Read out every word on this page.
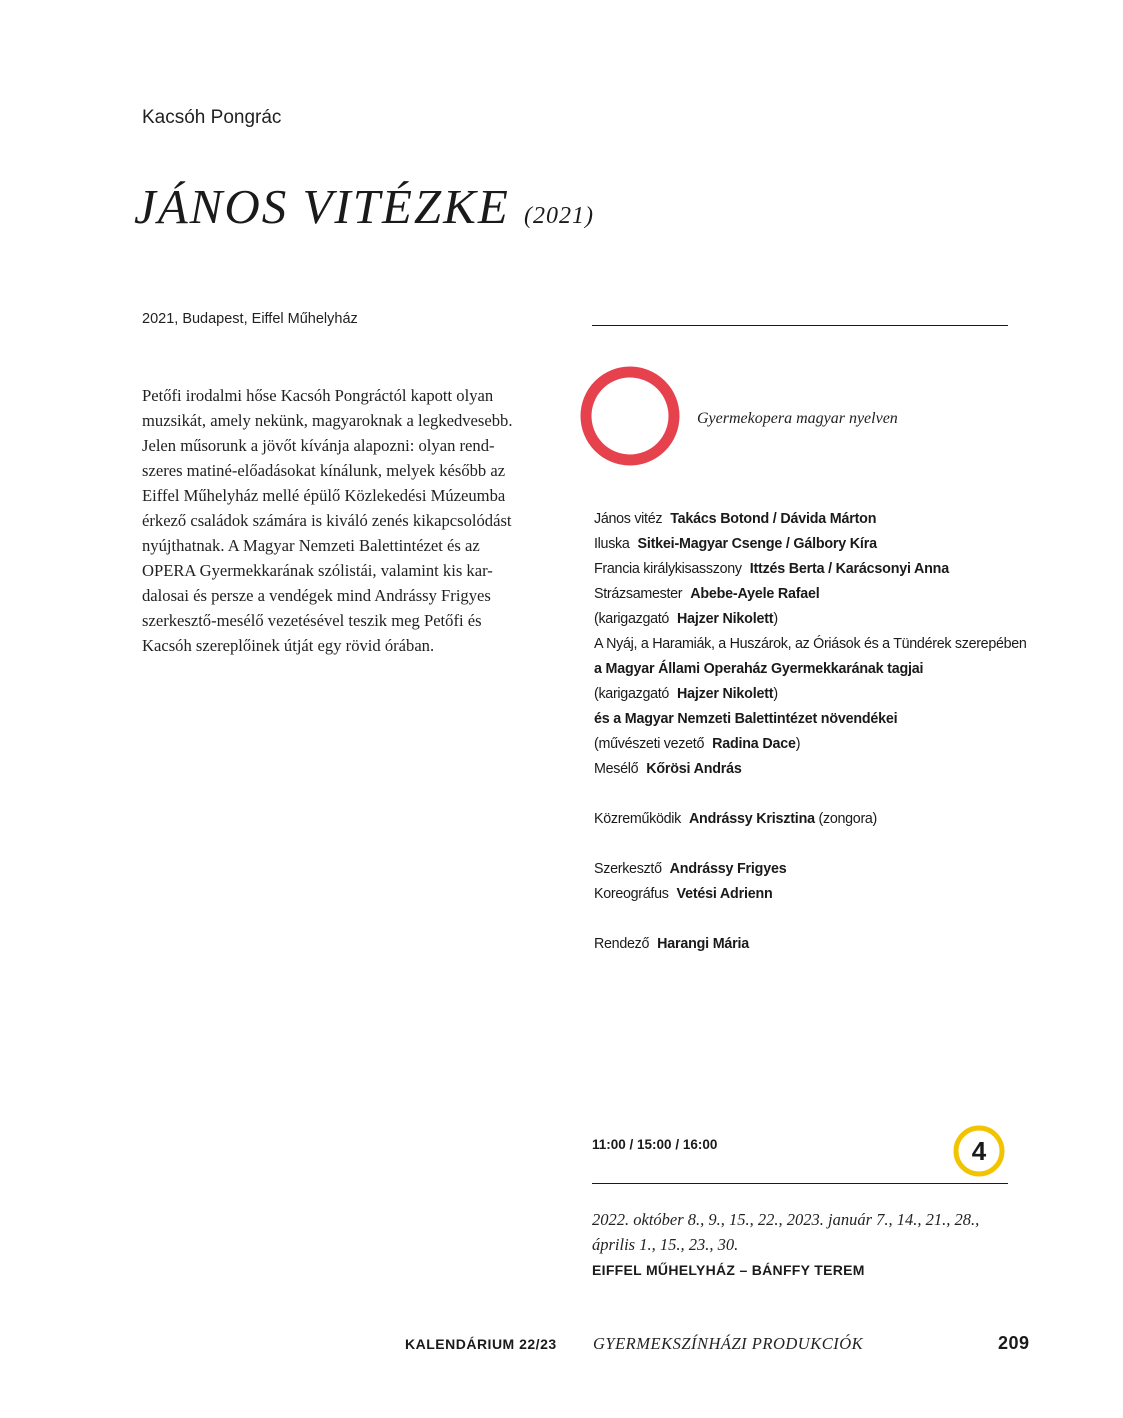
Kacsóh Pongrác
JÁNOS VITÉZKE (2021)
2021, Budapest, Eiffel Műhelyház
Petőfi irodalmi hőse Kacsóh Pongráctól kapott olyan
muzsikát, amely nekünk, magyaroknak a legkedvesebb.
Jelen műsorunk a jövőt kívánja alapozni: olyan rend-
szeres matiné-előadásokat kínálunk, melyek később az
Eiffel Műhelyház mellé épülő Közlekedési Múzeumba
érkező családok számára is kiváló zenés kikapcsolódást
nyújthatnak. A Magyar Nemzeti Balettintézet és az
OPERA Gyermekkarának szólistái, valamint kis kar-
dalosai és persze a vendégek mind Andrássy Frigyes
szerkesztő-mesélő vezetésével teszik meg Petőfi és
Kacsóh szereplőinek útját egy rövid órában.
Gyermekopera magyar nyelven
János vitéz Takács Botond / Dávida Márton
Iluska Sitkei-Magyar Csenge / Gálbory Kíra
Francia királykisasszony Ittzés Berta / Karácsonyi Anna
Strázsamester Abebe-Ayele Rafael
(karigazgató Hajzer Nikolett)
A Nyáj, a Haramiák, a Huszárok, az Óriások és a Tündérek szerepében
a Magyar Állami Operaház Gyermekkarának tagjai
(karigazgató Hajzer Nikolett)
és a Magyar Nemzeti Balettintézet növendékei
(művészeti vezető Radina Dace)
Mesélő Kőrösi András
Közreműködik Andrássy Krisztina (zongora)
Szerkesztő Andrássy Frigyes
Koreográfus Vetési Adrienn
Rendező Harangi Mária
11:00 / 15:00 / 16:00	4
2022. október 8., 9., 15., 22., 2023. január 7., 14., 21., 28.,
április 1., 15., 23., 30.
EIFFEL MŰHELYHÁZ – BÁNFFY TEREM
KALENDÁRIUM 22/23 GYERMEKSZÍNHÁZI PRODUKCIÓK	209
